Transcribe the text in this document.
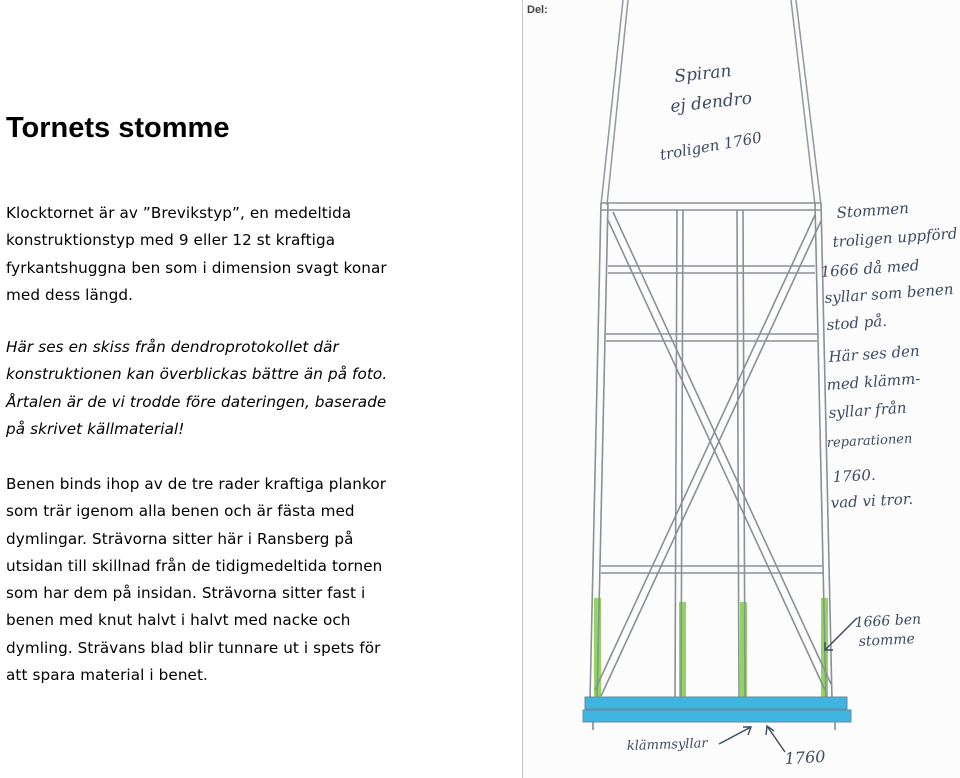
Tornets stomme

Klocktornet är av ”Brevikstyp”, en medeltida konstruktionstyp med 9 eller 12 st kraftiga fyrkantshuggna ben som i dimension svagt konar med dess längd.

Här ses en skiss från dendroprotokollet där konstruktionen kan överblickas bättre än på foto. Årtalen är de vi trodde före dateringen, baserade på skrivet källmaterial!

Benen binds ihop av de tre rader kraftiga plankor som trär igenom alla benen och är fästa med dymlingar. Strävorna sitter här i Ransberg på utsidan till skillnad från de tidigmedeltida tornen som har dem på insidan. Strävorna sitter fast i benen med knut halvt i halvt med nacke och dymling. Strävans blad blir tunnare ut i spets för att spara material i benet.

Del:
Spiran
ej dendro
troligen 1760
Stommen
troligen uppförd
1666 då med
syllar som benen
stod på.
Här ses den
med klämm-
syllar från
reparationen
1760.
vad vi tror.
1666 ben
stomme
klämmsyllar
1760
